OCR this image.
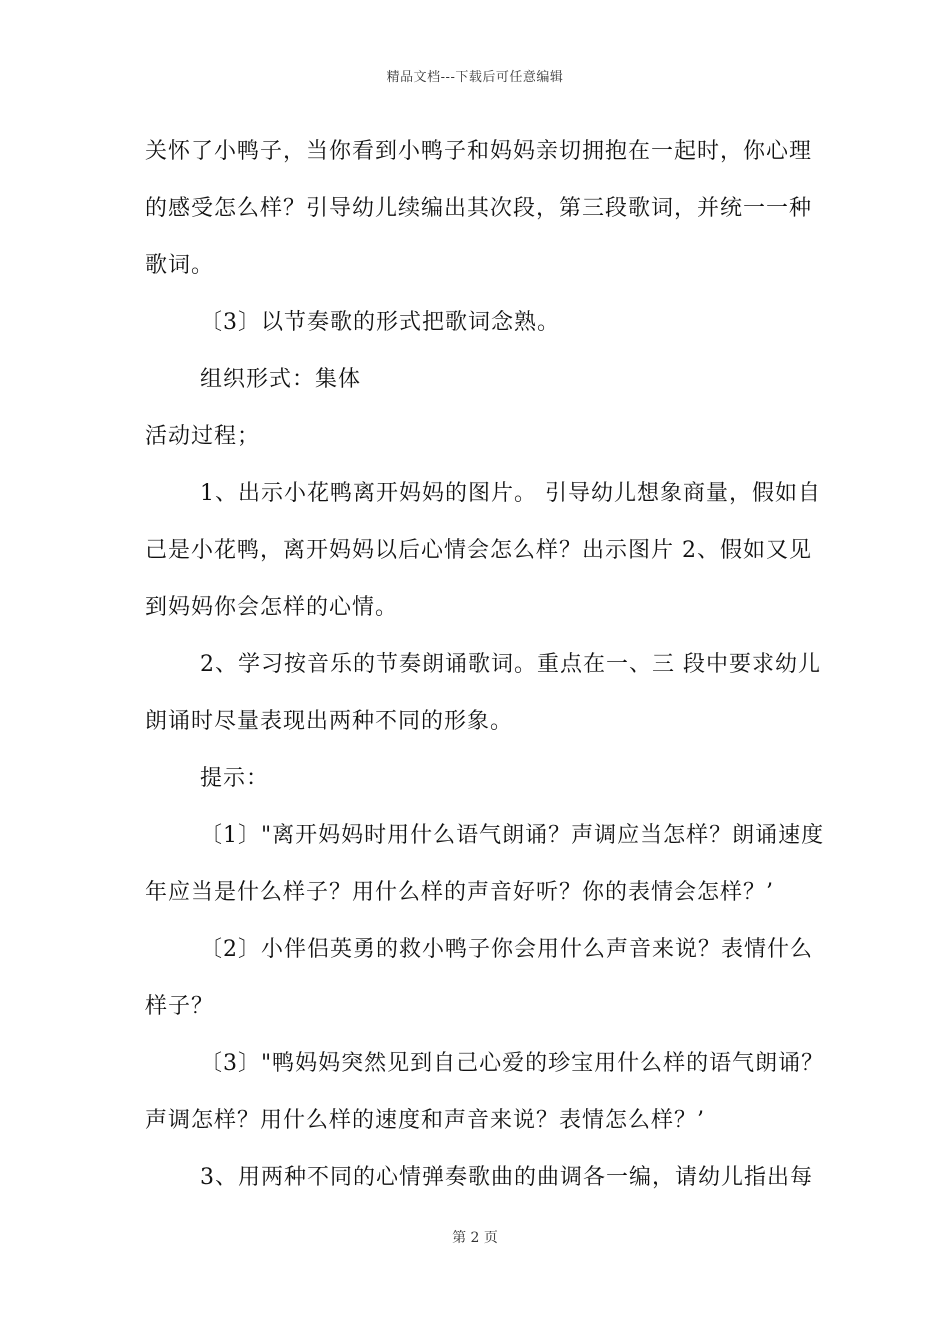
精品文档---下载后可任意编辑
关怀了小鸭子，当你看到小鸭子和妈妈亲切拥抱在一起时，你心理
的感受怎么样？引导幼儿续编出其次段，第三段歌词，并统一一种
歌词。
〔3〕以节奏歌的形式把歌词念熟。
组织形式：集体
活动过程；
1、出示小花鸭离开妈妈的图片。 引导幼儿想象商量，假如自
己是小花鸭，离开妈妈以后心情会怎么样？出示图片 2、假如又见
到妈妈你会怎样的心情。
2、学习按音乐的节奏朗诵歌词。重点在一、三 段中要求幼儿
朗诵时尽量表现出两种不同的形象。
提示：
〔1〕"离开妈妈时用什么语气朗诵？声调应当怎样？朗诵速度
年应当是什么样子？用什么样的声音好听？你的表情会怎样？’
〔2〕小伴侣英勇的救小鸭子你会用什么声音来说？表情什么
样子？
〔3〕"鸭妈妈突然见到自己心爱的珍宝用什么样的语气朗诵？
声调怎样？用什么样的速度和声音来说？表情怎么样？’
3、用两种不同的心情弹奏歌曲的曲调各一编，请幼儿指出每
第 2 页
